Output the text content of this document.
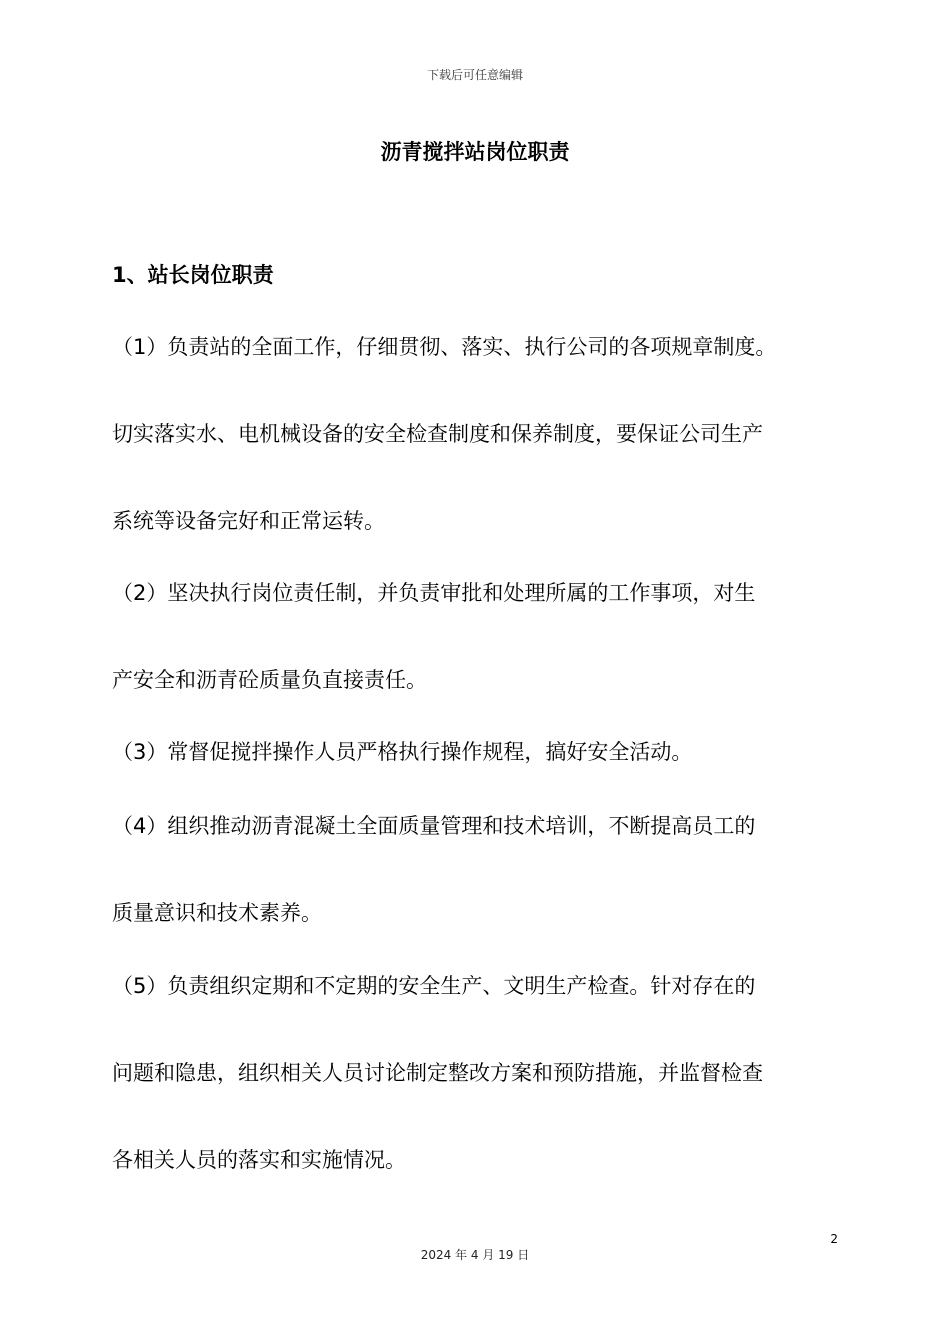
下载后可任意编辑
沥青搅拌站岗位职责
1、站长岗位职责
（1）负责站的全面工作，仔细贯彻、落实、执行公司的各项规章制度。
切实落实水、电机械设备的安全检查制度和保养制度，要保证公司生产
系统等设备完好和正常运转。
（2）坚决执行岗位责任制，并负责审批和处理所属的工作事项，对生
产安全和沥青砼质量负直接责任。
（3）常督促搅拌操作人员严格执行操作规程，搞好安全活动。
（4）组织推动沥青混凝土全面质量管理和技术培训，不断提高员工的
质量意识和技术素养。
（5）负责组织定期和不定期的安全生产、文明生产检查。针对存在的
问题和隐患，组织相关人员讨论制定整改方案和预防措施，并监督检查
各相关人员的落实和实施情况。
2
2024 年 4 月 19 日
